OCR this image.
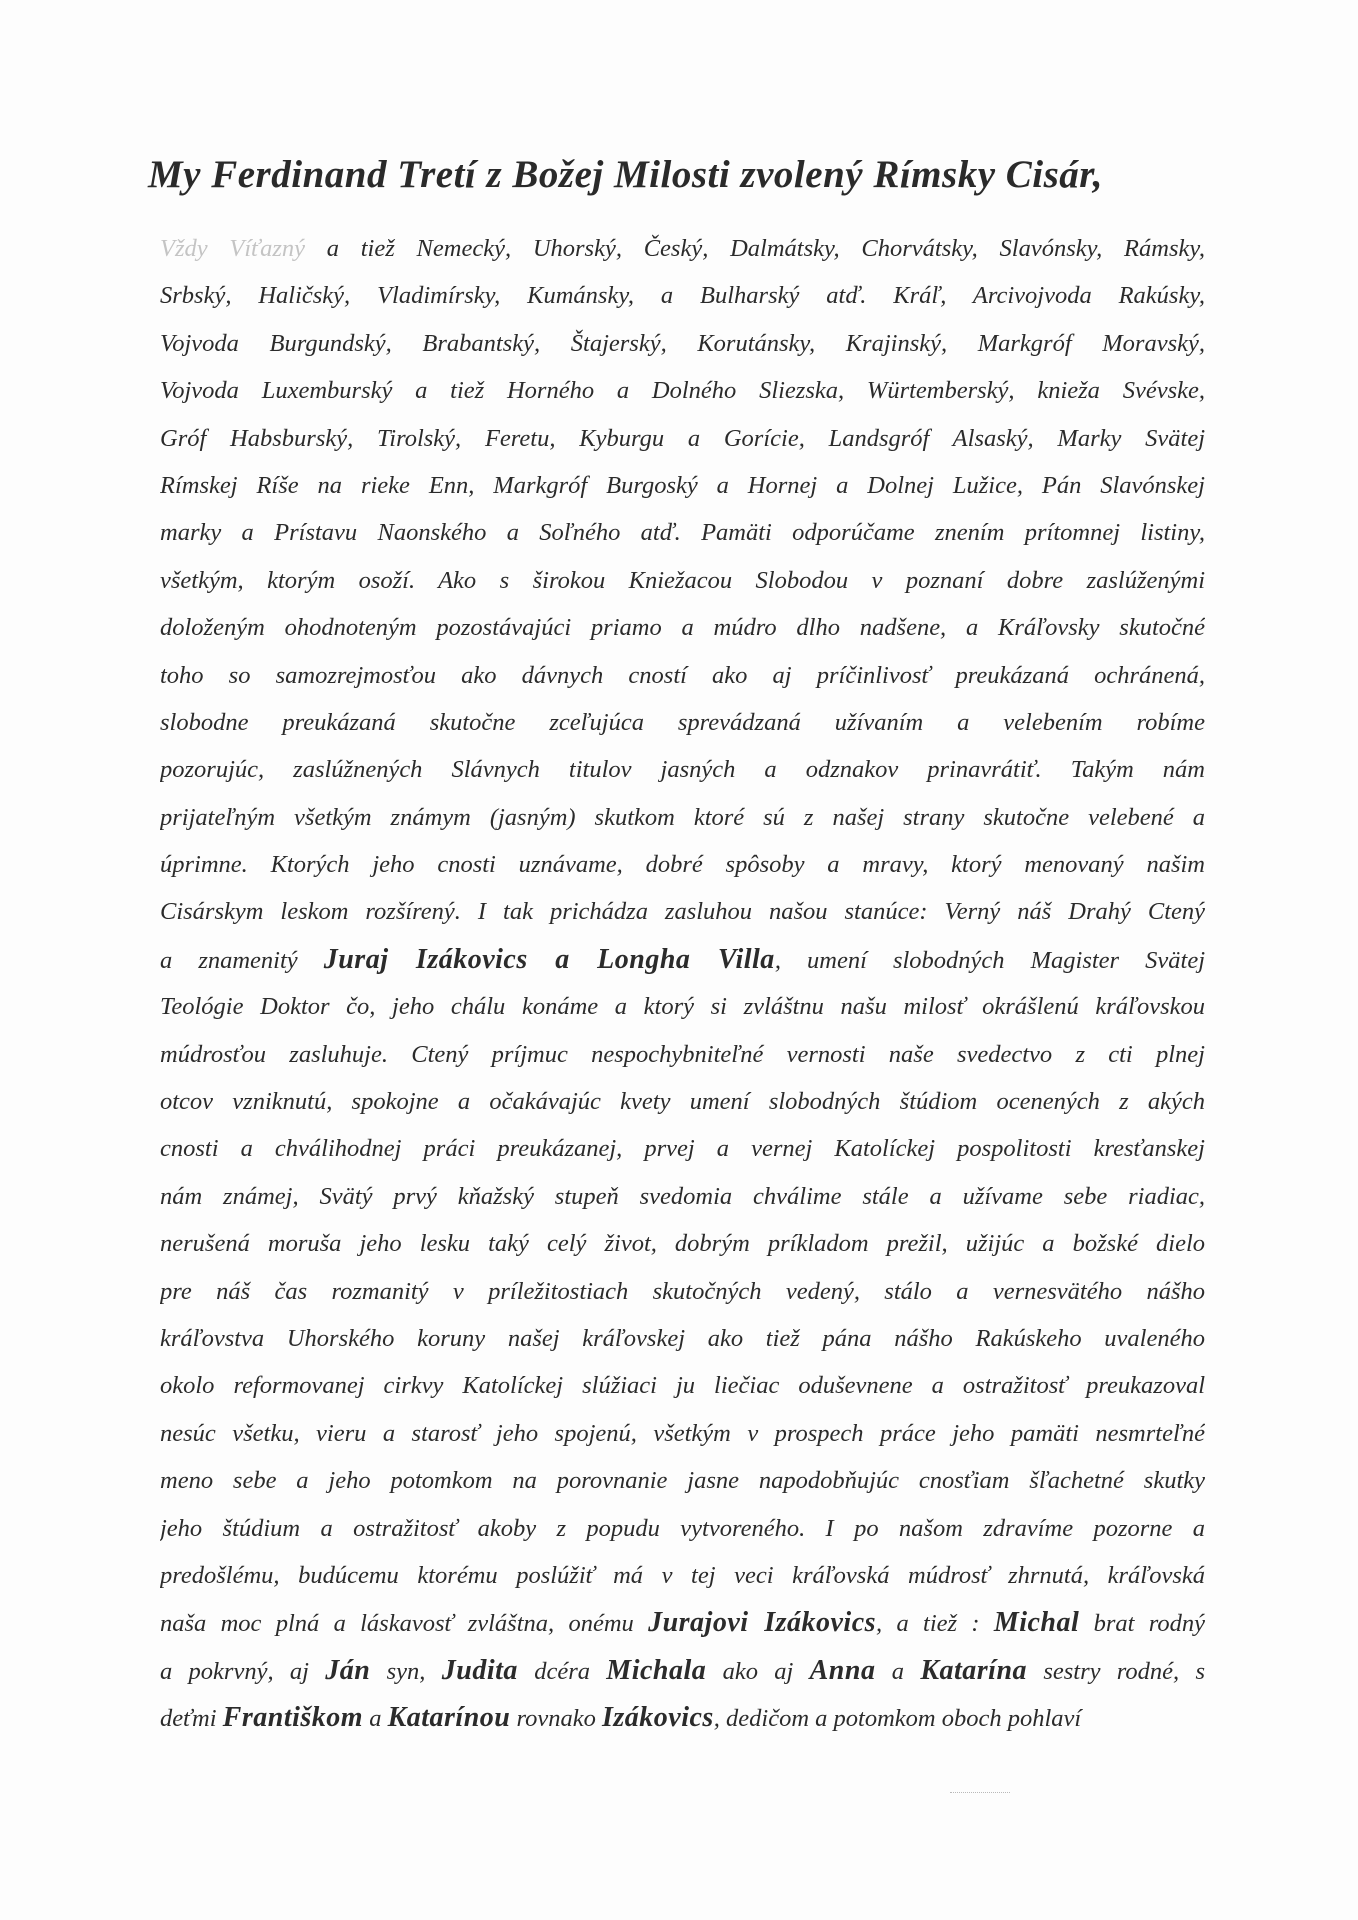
My Ferdinand Tretí z Božej Milosti zvolený Rímsky Cisár,
Vždy Víťazný a tiež Nemecký, Uhorský, Český, Dalmátsky, Chorvátsky, Slavónsky, Rámsky,
Srbský, Haličský, Vladimírsky, Kumánsky, a Bulharský atď. Kráľ, Arcivojvoda Rakúsky,
Vojvoda Burgundský, Brabantský, Štajerský, Korutánsky, Krajinský, Markgróf Moravský,
Vojvoda Luxemburský a tiež Horného a Dolného Sliezska, Würtemberský, knieža Svévske,
Gróf Habsburský, Tirolský, Feretu, Kyburgu a Gorície, Landsgróf Alsaský, Marky Svätej
Rímskej Ríše na rieke Enn, Markgróf Burgoský a Hornej a Dolnej Lužice, Pán Slavónskej
marky a Prístavu Naonského a Soľného atď. Pamäti odporúčame znením prítomnej listiny,
všetkým, ktorým osoží. Ako s širokou Kniežacou Slobodou v poznaní dobre zaslúženými
doloženým ohodnoteným pozostávajúci priamo a múdro dlho nadšene, a Kráľovsky skutočné
toho so samozrejmosťou ako dávnych cností ako aj príčinlivosť preukázaná ochránená,
slobodne preukázaná skutočne zceľujúca sprevádzaná užívaním a velebením robíme
pozorujúc, zaslúžnených Slávnych titulov jasných a odznakov prinavrátiť. Takým nám
prijateľným všetkým známym (jasným) skutkom ktoré sú z našej strany skutočne velebené a
úprimne. Ktorých jeho cnosti uznávame, dobré spôsoby a mravy, ktorý menovaný našim
Cisárskym leskom rozšírený. I tak prichádza zasluhou našou stanúce: Verný náš Drahý Ctený
a znamenitý Juraj Izákovics a Longha Villa, umení slobodných Magister Svätej
Teológie Doktor čo, jeho chálu konáme a ktorý si zvláštnu našu milosť okrášlenú kráľovskou
múdrosťou zasluhuje. Ctený príjmuc nespochybniteľné vernosti naše svedectvo z cti plnej
otcov vzniknutú, spokojne a očakávajúc kvety umení slobodných štúdiom ocenených z akých
cnosti a chválihodnej práci preukázanej, prvej a vernej Katolíckej pospolitosti kresťanskej
nám známej, Svätý prvý kňažský stupeň svedomia chválime stále a užívame sebe riadiac,
nerušená moruša jeho lesku taký celý život, dobrým príkladom prežil, užijúc a božské dielo
pre náš čas rozmanitý v príležitostiach skutočných vedený, stálo a vernesvätého nášho
kráľovstva Uhorského koruny našej kráľovskej ako tiež pána nášho Rakúskeho uvaleného
okolo reformovanej cirkvy Katolíckej slúžiaci ju liečiac oduševnene a ostražitosť preukazoval
nesúc všetku, vieru a starosť jeho spojenú, všetkým v prospech práce jeho pamäti nesmrteľné
meno sebe a jeho potomkom na porovnanie jasne napodobňujúc cnosťiam šľachetné skutky
jeho štúdium a ostražitosť akoby z popudu vytvoreného. I po našom zdravíme pozorne a
predošlému, budúcemu ktorému poslúžiť má v tej veci kráľovská múdrosť zhrnutá, kráľovská
naša moc plná a láskavosť zvláštna, onému Jurajovi Izákovics, a tiež : Michal brat rodný
a pokrvný, aj Ján syn, Judita dcéra Michala ako aj Anna a Katarína sestry rodné, s
deťmi Františkom a Katarínou rovnako Izákovics, dedičom a potomkom oboch pohlaví
